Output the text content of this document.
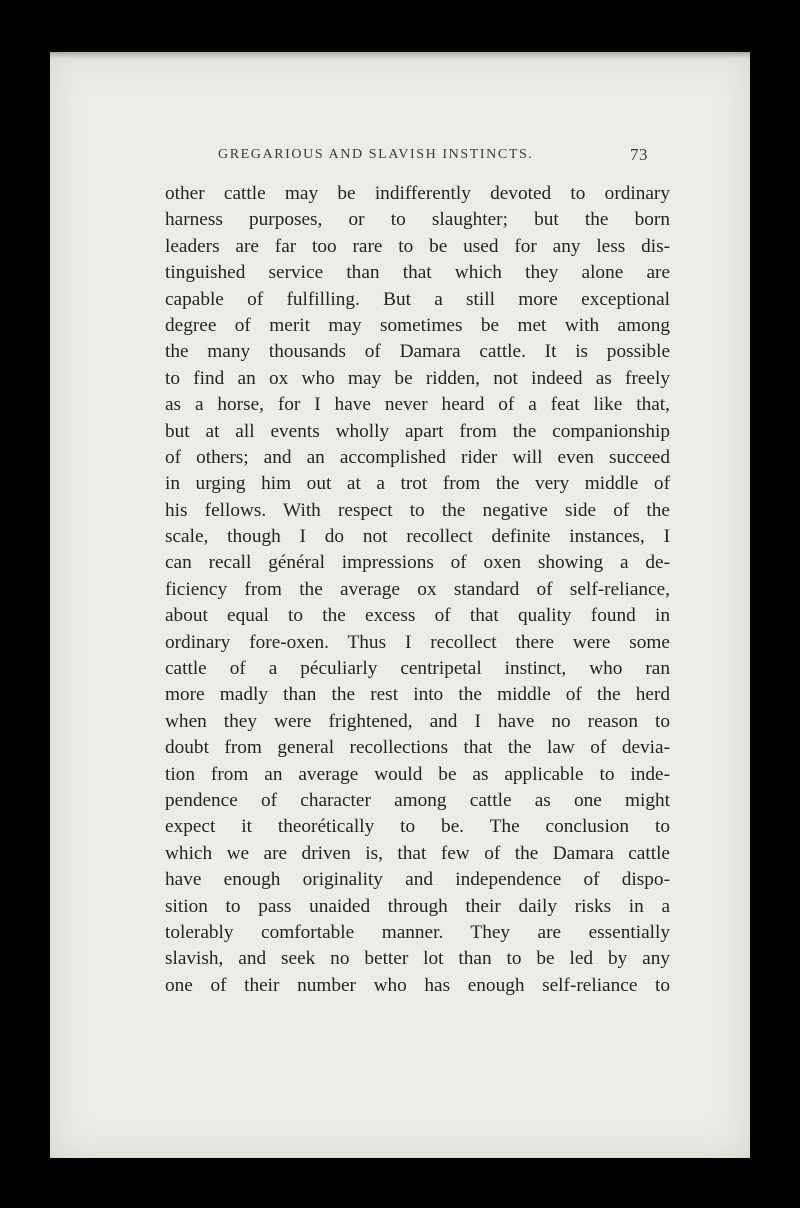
GREGARIOUS AND SLAVISH INSTINCTS.	73
other cattle may be indifferently devoted to ordinary
harness purposes, or to slaughter; but the born
leaders are far too rare to be used for any less dis-
tinguished service than that which they alone are
capable of fulfilling. But a still more exceptional
degree of merit may sometimes be met with among
the many thousands of Damara cattle. It is possible
to find an ox who may be ridden, not indeed as freely
as a horse, for I have never heard of a feat like that,
but at all events wholly apart from the companionship
of others; and an accomplished rider will even succeed
in urging him out at a trot from the very middle of
his fellows. With respect to the negative side of the
scale, though I do not recollect definite instances, I
can recall général impressions of oxen showing a de-
ficiency from the average ox standard of self-reliance,
about equal to the excess of that quality found in
ordinary fore-oxen. Thus I recollect there were some
cattle of a péculiarly centripetal instinct, who ran
more madly than the rest into the middle of the herd
when they were frightened, and I have no reason to
doubt from general recollections that the law of devia-
tion from an average would be as applicable to inde-
pendence of character among cattle as one might
expect it theorétically to be. The conclusion to
which we are driven is, that few of the Damara cattle
have enough originality and independence of dispo-
sition to pass unaided through their daily risks in a
tolerably comfortable manner. They are essentially
slavish, and seek no better lot than to be led by any
one of their number who has enough self-reliance to
